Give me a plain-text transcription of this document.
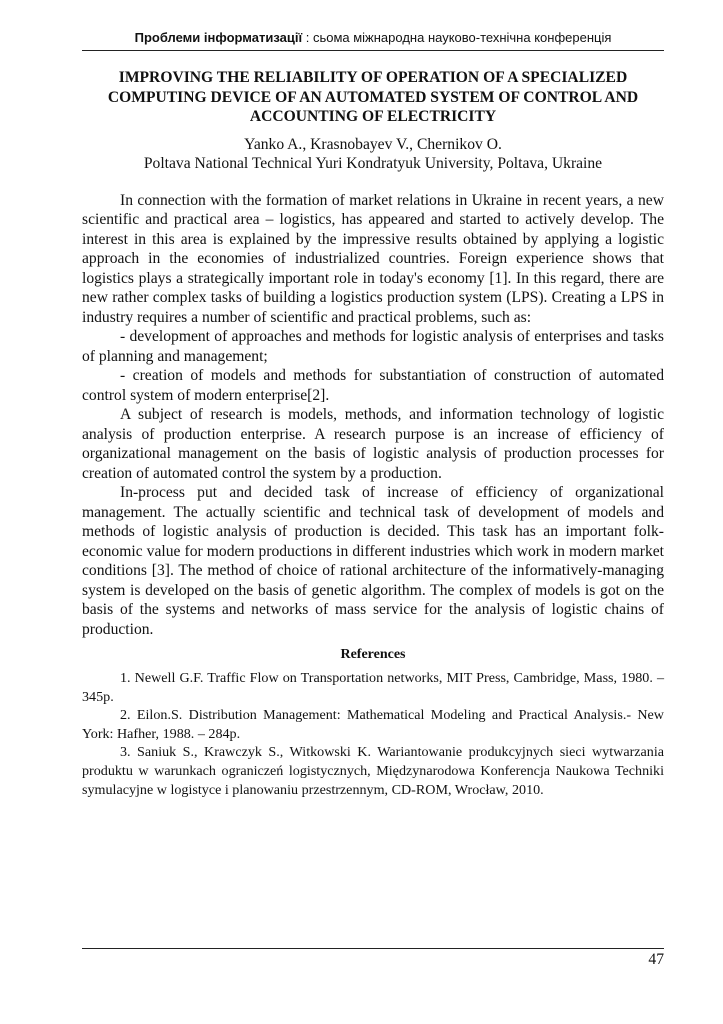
Проблеми інформатизації : сьома міжнародна науково-технічна конференція
IMPROVING THE RELIABILITY OF OPERATION OF A SPECIALIZED COMPUTING DEVICE OF AN AUTOMATED SYSTEM OF CONTROL AND ACCOUNTING OF ELECTRICITY

Yanko A., Krasnobayev V., Chernikov O.

Poltava National Technical Yuri Kondratyuk University, Poltava, Ukraine

In connection with the formation of market relations in Ukraine in recent years, a new scientific and practical area – logistics, has appeared and started to actively develop. The interest in this area is explained by the impressive results obtained by applying a logistic approach in the economies of industrialized countries. Foreign experience shows that logistics plays a strategically important role in today's economy [1]. In this regard, there are new rather complex tasks of building a logistics production system (LPS). Creating a LPS in industry requires a number of scientific and practical problems, such as:

- development of approaches and methods for logistic analysis of enterprises and tasks of planning and management;

- creation of models and methods for substantiation of construction of automated control system of modern enterprise[2].

A subject of research is models, methods, and information technology of logistic analysis of production enterprise. A research purpose is an increase of efficiency of organizational management on the basis of logistic analysis of production processes for creation of automated control the system by a production.

In-process put and decided task of increase of efficiency of organizational management. The actually scientific and technical task of development of models and methods of logistic analysis of production is decided. This task has an important folk-economic value for modern productions in different industries which work in modern market conditions [3]. The method of choice of rational architecture of the informatively-managing system is developed on the basis of genetic algorithm. The complex of models is got on the basis of the systems and networks of mass service for the analysis of logistic chains of production.

References

1. Newell G.F. Traffic Flow on Transportation networks, MIT Press, Cambridge, Mass, 1980. – 345p.

2. Eilon.S. Distribution Management: Mathematical Modeling and Practical Analysis.- New York: Hafher, 1988. – 284p.

3. Saniuk S., Krawczyk S., Witkowski K. Wariantowanie produkcyjnych sieci wytwarzania produktu w warunkach ograniczeń logistycznych, Międzynarodowa Konferencja Naukowa Techniki symulacyjne w logistyce i planowaniu przestrzennym, CD-ROM, Wrocław, 2010.

47
